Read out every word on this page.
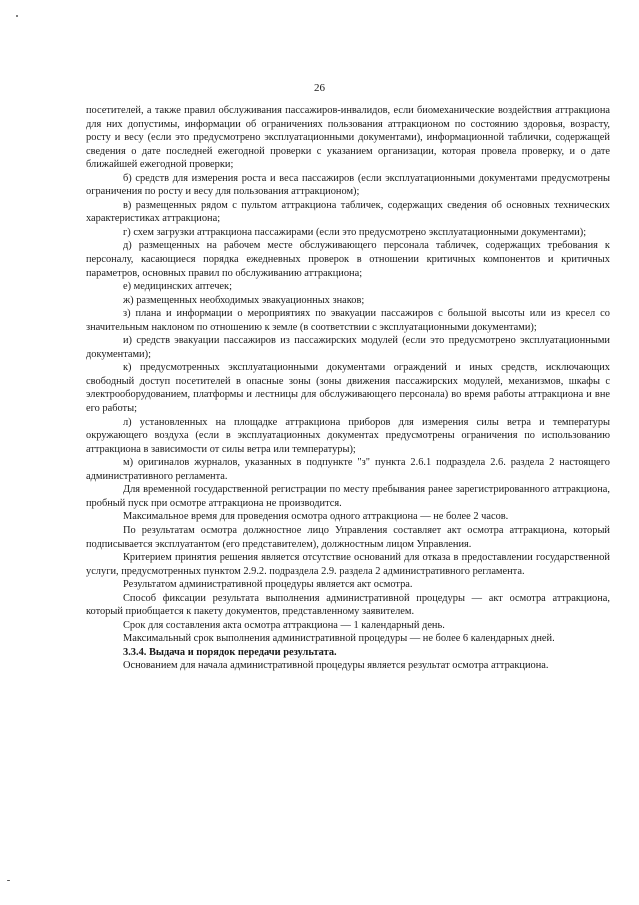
26

посетителей, а также правил обслуживания пассажиров-инвалидов, если биомеханические воздействия аттракциона для них допустимы, информации об ограничениях пользования аттракционом по состоянию здоровья, возрасту, росту и весу (если это предусмотрено эксплуатационными документами), информационной таблички, содержащей сведения о дате последней ежегодной проверки с указанием организации, которая провела проверку, и о дате ближайшей ежегодной проверки;

б) средств для измерения роста и веса пассажиров (если эксплуатационными документами предусмотрены ограничения по росту и весу для пользования аттракционом);

в) размещенных рядом с пультом аттракциона табличек, содержащих сведения об основных технических характеристиках аттракциона;

г) схем загрузки аттракциона пассажирами (если это предусмотрено эксплуатационными документами);

д) размещенных на рабочем месте обслуживающего персонала табличек, содержащих требования к персоналу, касающиеся порядка ежедневных проверок в отношении критичных компонентов и критичных параметров, основных правил по обслуживанию аттракциона;

е) медицинских аптечек;

ж) размещенных необходимых эвакуационных знаков;

з) плана и информации о мероприятиях по эвакуации пассажиров с большой высоты или из кресел со значительным наклоном по отношению к земле (в соответствии с эксплуатационными документами);

и) средств эвакуации пассажиров из пассажирских модулей (если это предусмотрено эксплуатационными документами);

к) предусмотренных эксплуатационными документами ограждений и иных средств, исключающих свободный доступ посетителей в опасные зоны (зоны движения пассажирских модулей, механизмов, шкафы с электрооборудованием, платформы и лестницы для обслуживающего персонала) во время работы аттракциона и вне его работы;

л) установленных на площадке аттракциона приборов для измерения силы ветра и температуры окружающего воздуха (если в эксплуатационных документах предусмотрены ограничения по использованию аттракциона в зависимости от силы ветра или температуры);

м) оригиналов журналов, указанных в подпункте "з" пункта 2.6.1 подраздела 2.6. раздела 2 настоящего административного регламента.

Для временной государственной регистрации по месту пребывания ранее зарегистрированного аттракциона, пробный пуск при осмотре аттракциона не производится.

Максимальное время для проведения осмотра одного аттракциона — не более 2 часов.

По результатам осмотра должностное лицо Управления составляет акт осмотра аттракциона, который подписывается эксплуатантом (его представителем), должностным лицом Управления.

Критерием принятия решения является отсутствие оснований для отказа в предоставлении государственной услуги, предусмотренных пунктом 2.9.2. подраздела 2.9. раздела 2 административного регламента.

Результатом административной процедуры является акт осмотра.

Способ фиксации результата выполнения административной процедуры — акт осмотра аттракциона, который приобщается к пакету документов, представленному заявителем.

Срок для составления акта осмотра аттракциона — 1 календарный день.

Максимальный срок выполнения административной процедуры — не более 6 календарных дней.

3.3.4. Выдача и порядок передачи результата.

Основанием для начала административной процедуры является результат осмотра аттракциона.
